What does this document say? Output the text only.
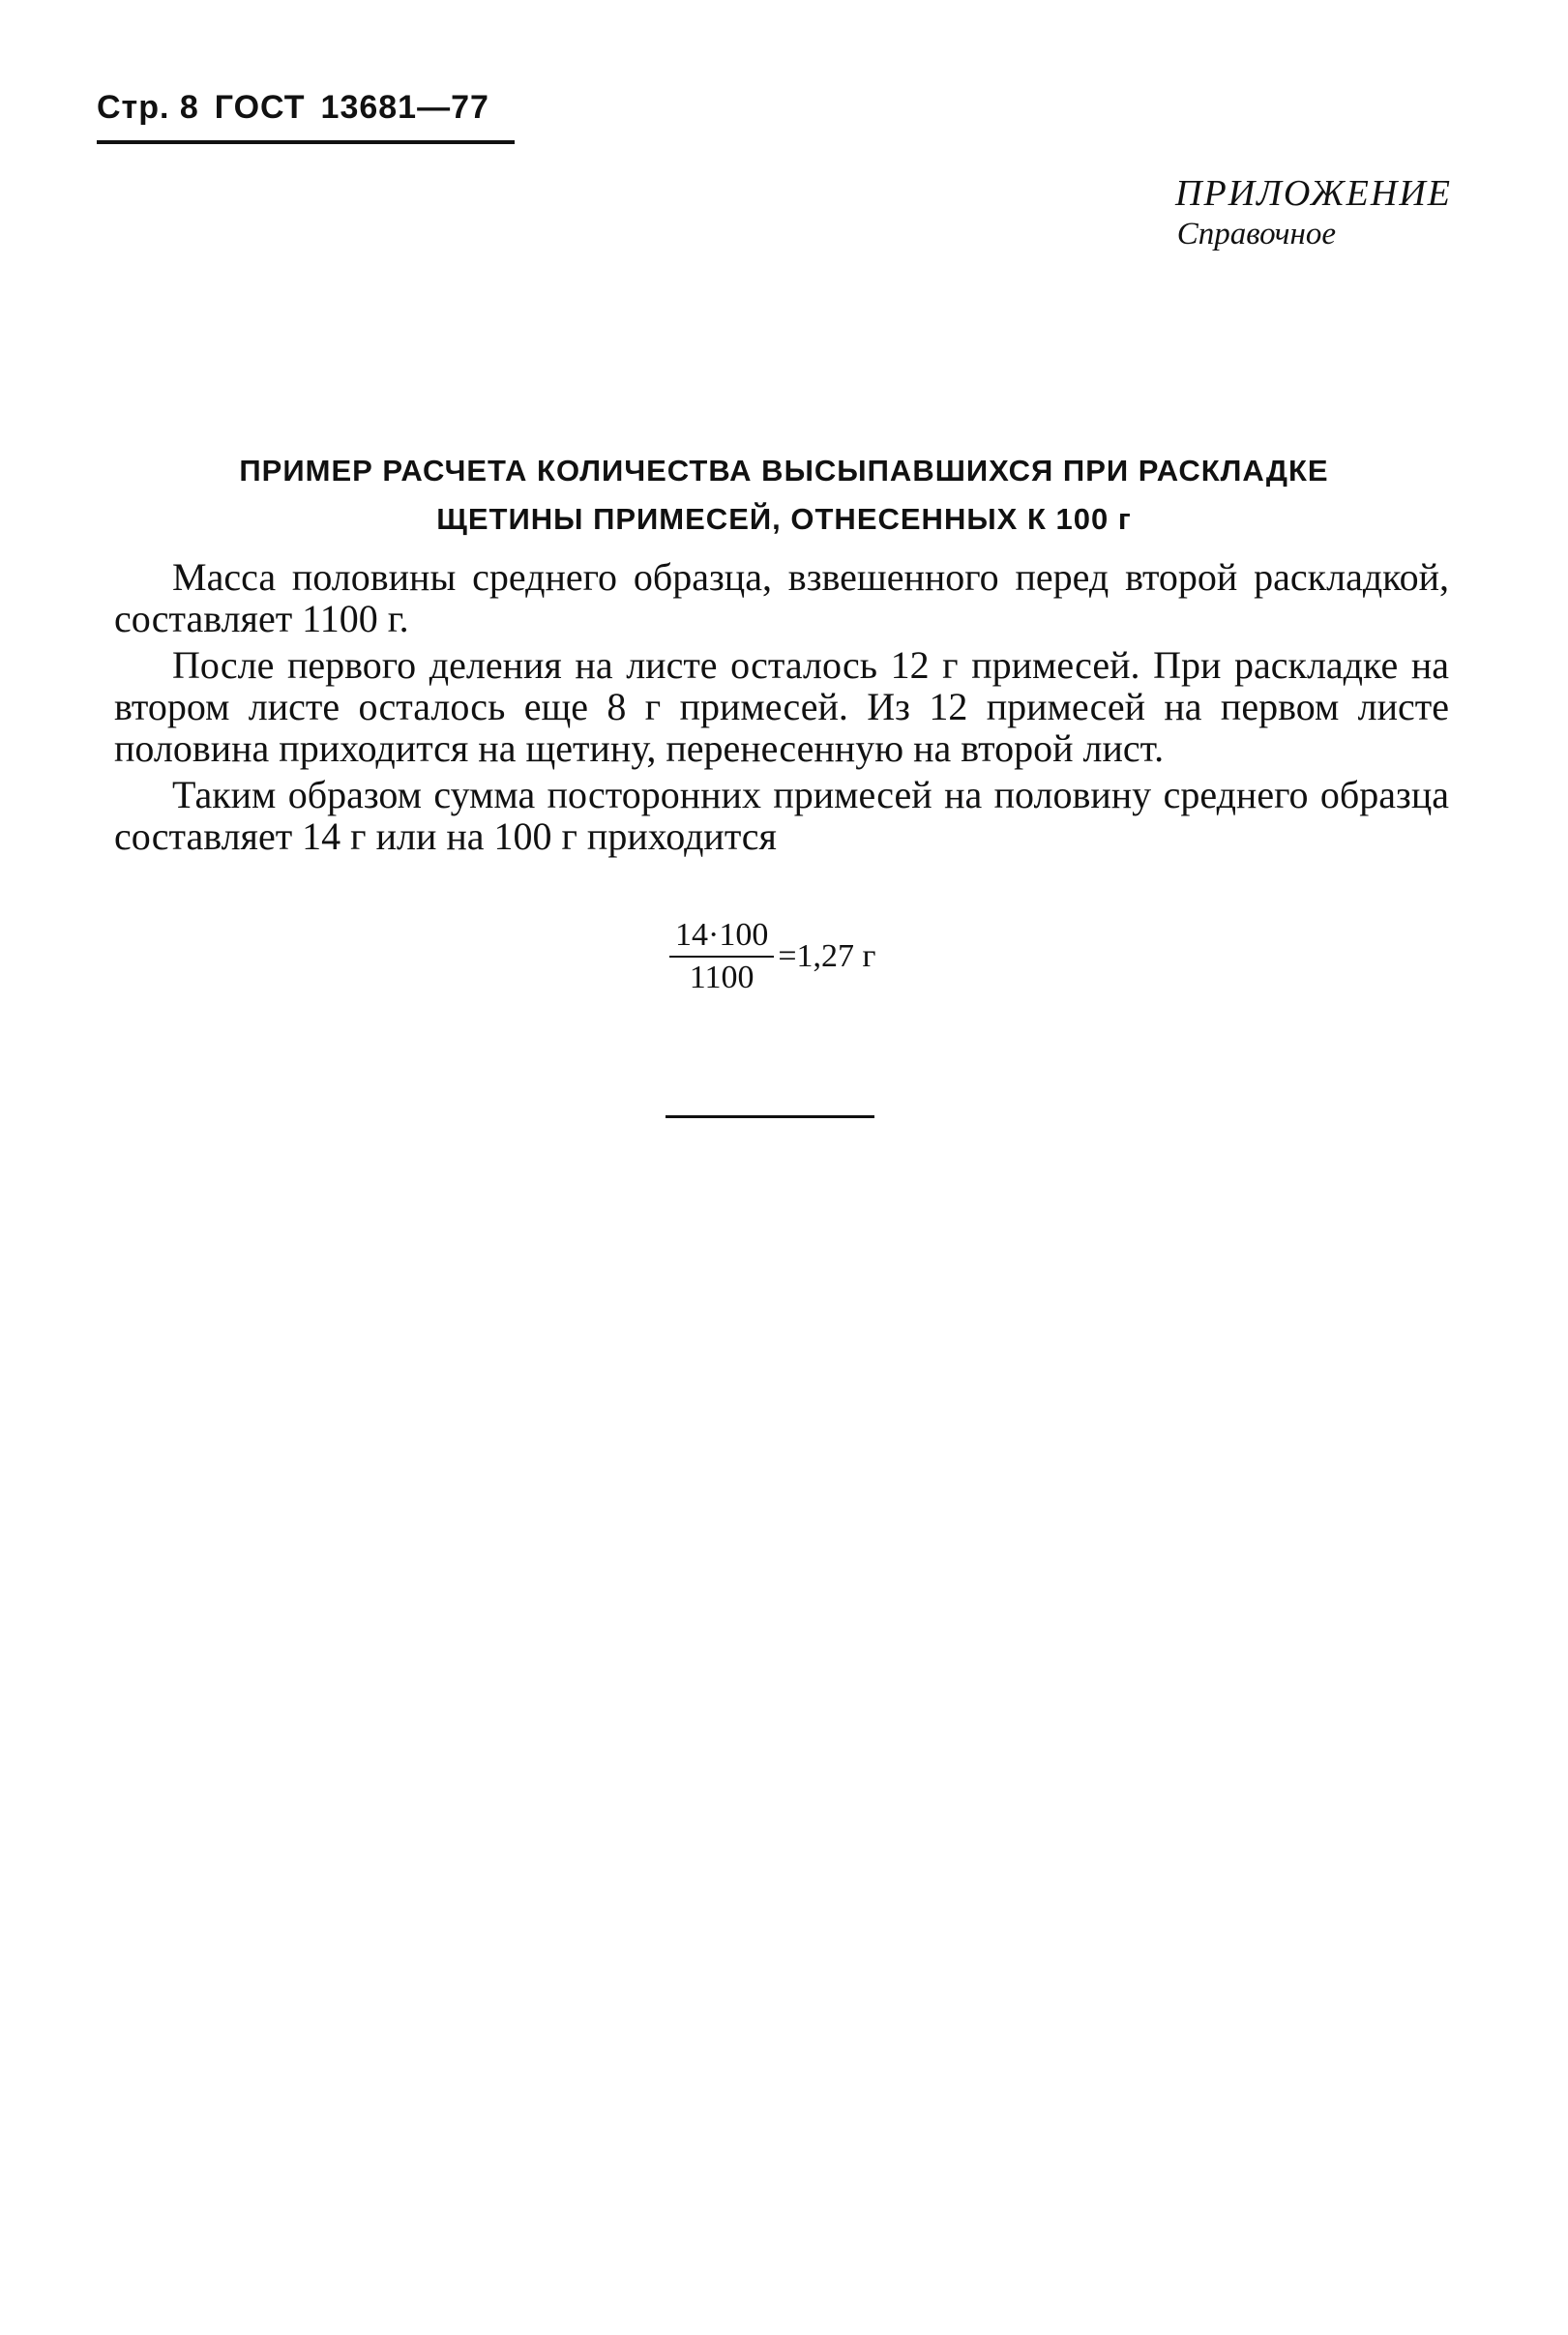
Стр. 8 ГОСТ 13681—77
ПРИЛОЖЕНИЕ
Справочное
ПРИМЕР РАСЧЕТА КОЛИЧЕСТВА ВЫСЫПАВШИХСЯ ПРИ РАСКЛАДКЕ
ЩЕТИНЫ ПРИМЕСЕЙ, ОТНЕСЕННЫХ К 100 г

Масса половины среднего образца, взвешенного перед второй раскладкой, составляет 1100 г.

После первого деления на листе осталось 12 г примесей. При раскладке на втором листе осталось еще 8 г примесей. Из 12 примесей на первом листе половина приходится на щетину, перенесенную на второй лист.

Таким образом сумма посторонних примесей на половину среднего образца составляет 14 г или на 100 г приходится

$\frac{14\cdot 100}{1100} =1,27$ г
